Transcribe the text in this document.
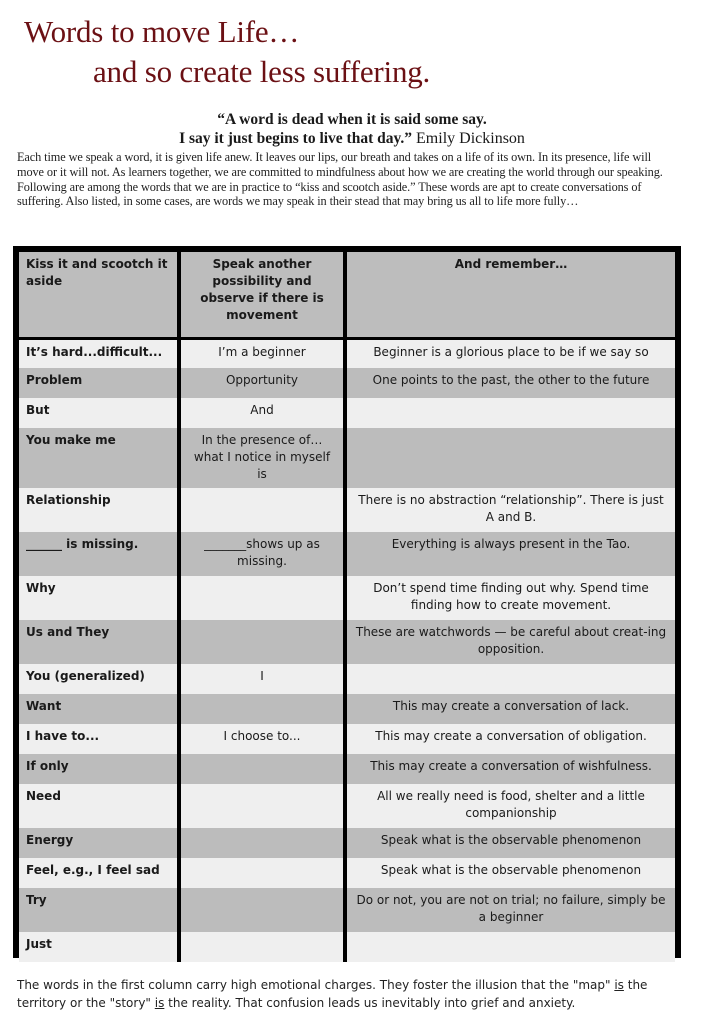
Words to move Life…
and so create less suffering.
“A word is dead when it is said some say.
I say it just begins to live that day.” Emily Dickinson

Each time we speak a word, it is given life anew. It leaves our lips, our breath and takes on a life of its own. In its presence, life will move or it will not. As learners together, we are committed to mindfulness about how we are creating the world through our speaking. Following are among the words that we are in practice to “kiss and scootch aside.” These words are apt to create conversations of suffering. Also listed, in some cases, are words we may speak in their stead that may bring us all to life more fully…

Kiss it and scootch it aside	Speak another possibility and observe if there is movement	And remember…
It’s hard...difficult...	I’m a beginner	Beginner is a glorious place to be if we say so
Problem	Opportunity	One points to the past, the other to the future
But	And	
You make me	In the presence of… what I notice in myself is	
Relationship		There is no abstraction “relationship”. There is just A and B.
______ is missing.	_______shows up as missing.	Everything is always present in the Tao.
Why		Don’t spend time finding out why. Spend time finding how to create movement.
Us and They		These are watchwords — be careful about creat-ing opposition.
You (generalized)	I	
Want		This may create a conversation of lack.
I have to...	I choose to...	This may create a conversation of obligation.
If only		This may create a conversation of wishfulness.
Need		All we really need is food, shelter and a little companionship
Energy		Speak what is the observable phenomenon
Feel, e.g., I feel sad		Speak what is the observable phenomenon
Try		Do or not, you are not on trial; no failure, simply be a beginner
Just		

The words in the first column carry high emotional charges. They foster the illusion that the "map" is the territory or the "story" is the reality. That confusion leads us inevitably into grief and anxiety.
